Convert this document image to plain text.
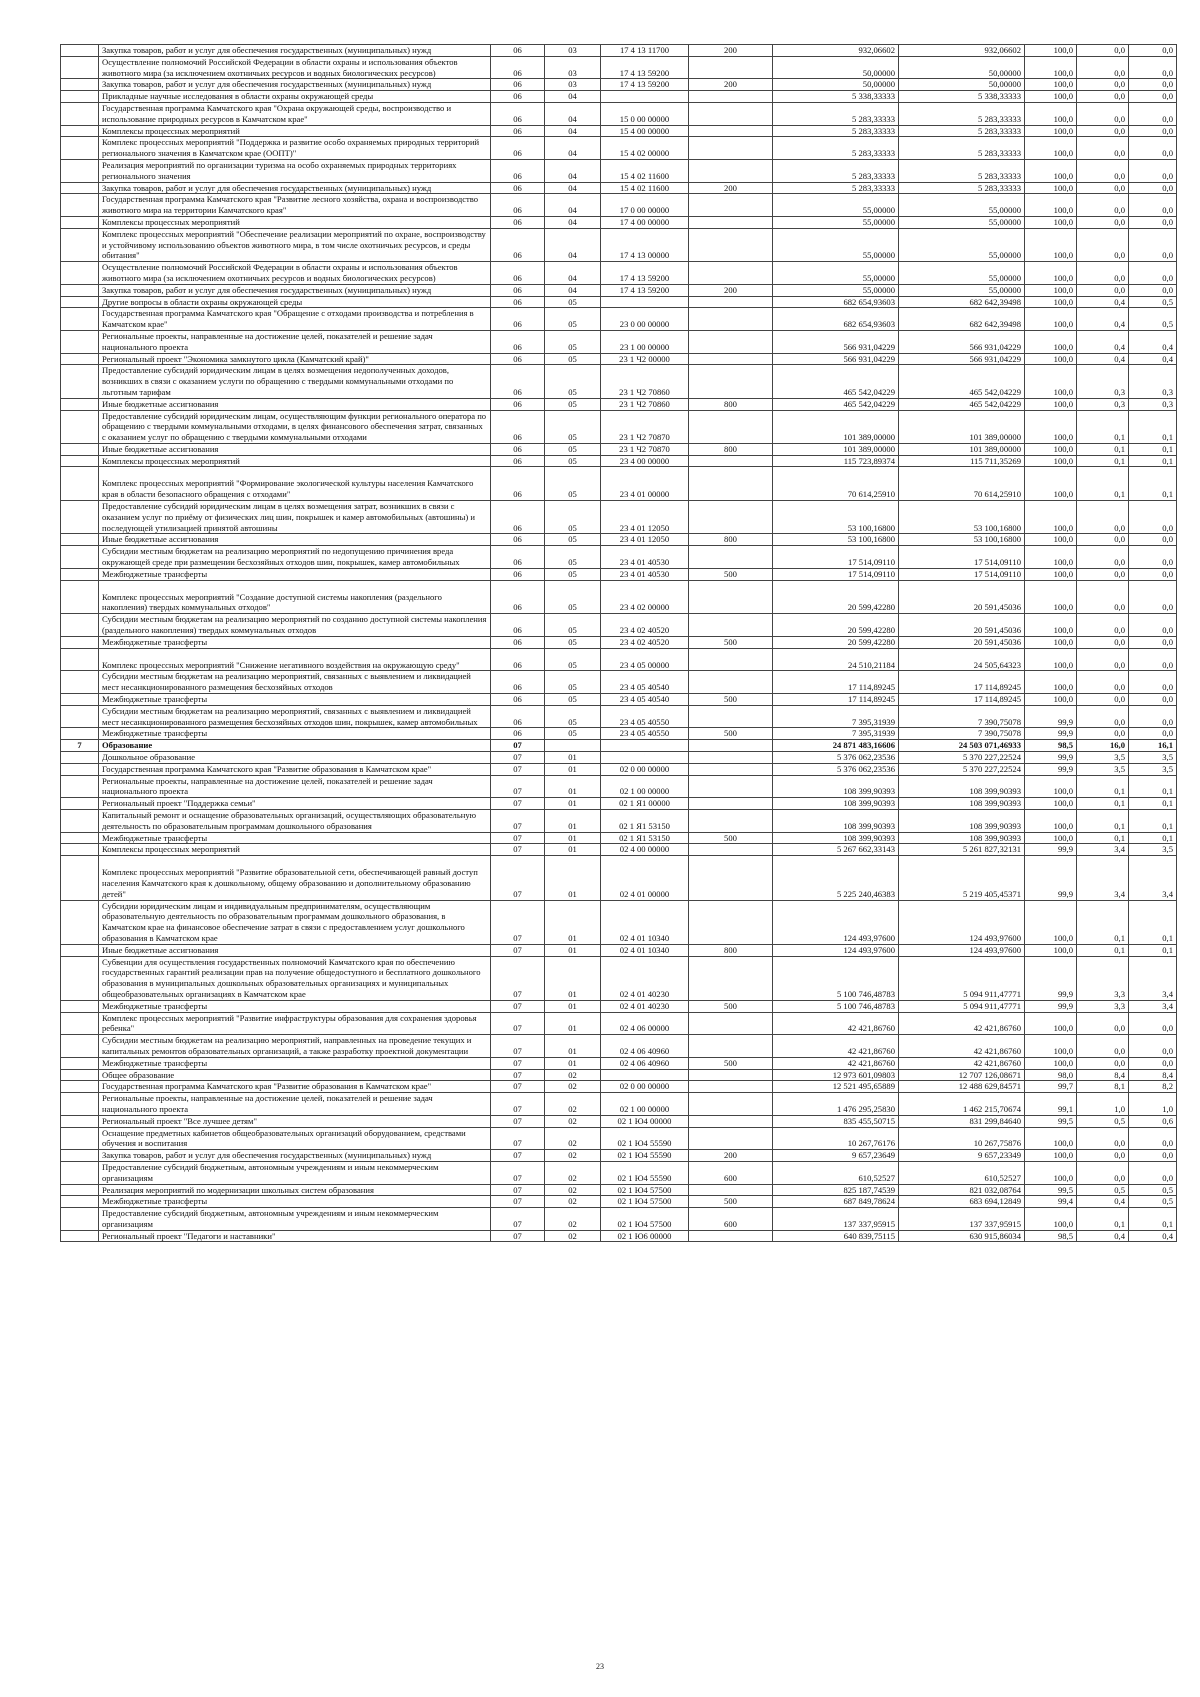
	Закупка товаров, работ и услуг для обеспечения государственных (муниципальных) нужд	06	03	17 4 13 11700	200	932,06602	932,06602	100,0	0,0	0,0
	Осуществление полномочий Российской Федерации в области охраны и использования объектов животного мира (за исключением охотничьих ресурсов и водных биологических ресурсов)	06	03	17 4 13 59200		50,00000	50,00000	100,0	0,0	0,0
	Закупка товаров, работ и услуг для обеспечения государственных (муниципальных) нужд	06	03	17 4 13 59200	200	50,00000	50,00000	100,0	0,0	0,0
	Прикладные научные исследования в области охраны окружающей среды	06	04			5 338,33333	5 338,33333	100,0	0,0	0,0
	Государственная программа Камчатского края "Охрана окружающей среды, воспроизводство и использование природных ресурсов в Камчатском крае"	06	04	15 0 00 00000		5 283,33333	5 283,33333	100,0	0,0	0,0
	Комплексы процессных мероприятий	06	04	15 4 00 00000		5 283,33333	5 283,33333	100,0	0,0	0,0
	Комплекс процессных мероприятий "Поддержка и развитие особо охраняемых природных территорий регионального значения в Камчатском крае (ООПТ)"	06	04	15 4 02 00000		5 283,33333	5 283,33333	100,0	0,0	0,0
	Реализация мероприятий по организации туризма на особо охраняемых природных территориях регионального значения	06	04	15 4 02 11600		5 283,33333	5 283,33333	100,0	0,0	0,0
	Закупка товаров, работ и услуг для обеспечения государственных (муниципальных) нужд	06	04	15 4 02 11600	200	5 283,33333	5 283,33333	100,0	0,0	0,0
	Государственная программа Камчатского края "Развитие лесного хозяйства, охрана и воспроизводство животного мира на территории Камчатского края"	06	04	17 0 00 00000		55,00000	55,00000	100,0	0,0	0,0
	Комплексы процессных мероприятий	06	04	17 4 00 00000		55,00000	55,00000	100,0	0,0	0,0
	Комплекс процессных мероприятий "Обеспечение реализации мероприятий по охране, воспроизводству и устойчивому использованию объектов животного мира, в том числе охотничьих ресурсов, и среды обитания"	06	04	17 4 13 00000		55,00000	55,00000	100,0	0,0	0,0
	Осуществление полномочий Российской Федерации в области охраны и использования объектов животного мира (за исключением охотничьих ресурсов и водных биологических ресурсов)	06	04	17 4 13 59200		55,00000	55,00000	100,0	0,0	0,0
	Закупка товаров, работ и услуг для обеспечения государственных (муниципальных) нужд	06	04	17 4 13 59200	200	55,00000	55,00000	100,0	0,0	0,0
	Другие вопросы в области охраны окружающей среды	06	05			682 654,93603	682 642,39498	100,0	0,4	0,5
	Государственная программа Камчатского края "Обращение с отходами производства и потребления в Камчатском крае"	06	05	23 0 00 00000		682 654,93603	682 642,39498	100,0	0,4	0,5
	Региональные проекты, направленные на достижение целей, показателей и решение задач национального проекта	06	05	23 1 00 00000		566 931,04229	566 931,04229	100,0	0,4	0,4
	Региональный проект "Экономика замкнутого цикла (Камчатский край)"	06	05	23 1 Ч2 00000		566 931,04229	566 931,04229	100,0	0,4	0,4
	Предоставление субсидий юридическим лицам в целях возмещения недополученных доходов, возникших в связи с оказанием услуги по обращению с твердыми коммунальными отходами по льготным тарифам	06	05	23 1 Ч2 70860		465 542,04229	465 542,04229	100,0	0,3	0,3
	Иные бюджетные ассигнования	06	05	23 1 Ч2 70860	800	465 542,04229	465 542,04229	100,0	0,3	0,3
	Предоставление субсидий юридическим лицам, осуществляющим функции регионального оператора по обращению с твердыми коммунальными отходами, в целях финансового обеспечения затрат, связанных с оказанием услуг по обращению с твердыми коммунальными отходами	06	05	23 1 Ч2 70870		101 389,00000	101 389,00000	100,0	0,1	0,1
	Иные бюджетные ассигнования	06	05	23 1 Ч2 70870	800	101 389,00000	101 389,00000	100,0	0,1	0,1
	Комплексы процессных мероприятий	06	05	23 4 00 00000		115 723,89374	115 711,35269	100,0	0,1	0,1
	Комплекс процессных мероприятий "Формирование экологической культуры населения Камчатского края в области безопасного обращения с отходами"	06	05	23 4 01 00000		70 614,25910	70 614,25910	100,0	0,1	0,1
	Предоставление субсидий юридическим лицам в целях возмещения затрат, возникших в связи с оказанием услуг по приёму от физических лиц шин, покрышек и камер автомобильных (автошины) и последующей утилизацией принятой автошины	06	05	23 4 01 12050		53 100,16800	53 100,16800	100,0	0,0	0,0
	Иные бюджетные ассигнования	06	05	23 4 01 12050	800	53 100,16800	53 100,16800	100,0	0,0	0,0
	Субсидии местным бюджетам на реализацию мероприятий по недопущению причинения вреда окружающей среде при размещении бесхозяйных отходов шин, покрышек, камер автомобильных	06	05	23 4 01 40530		17 514,09110	17 514,09110	100,0	0,0	0,0
	Межбюджетные трансферты	06	05	23 4 01 40530	500	17 514,09110	17 514,09110	100,0	0,0	0,0
	Комплекс процессных мероприятий "Создание доступной системы накопления (раздельного накопления) твердых коммунальных отходов"	06	05	23 4 02 00000		20 599,42280	20 591,45036	100,0	0,0	0,0
	Субсидии местным бюджетам на реализацию мероприятий по созданию доступной системы накопления (раздельного накопления) твердых коммунальных отходов	06	05	23 4 02 40520		20 599,42280	20 591,45036	100,0	0,0	0,0
	Межбюджетные трансферты	06	05	23 4 02 40520	500	20 599,42280	20 591,45036	100,0	0,0	0,0
	Комплекс процессных мероприятий "Снижение негативного воздействия на окружающую среду"	06	05	23 4 05 00000		24 510,21184	24 505,64323	100,0	0,0	0,0
	Субсидии местным бюджетам на реализацию мероприятий, связанных с выявлением и ликвидацией мест несанкционированного размещения бесхозяйных отходов	06	05	23 4 05 40540		17 114,89245	17 114,89245	100,0	0,0	0,0
	Межбюджетные трансферты	06	05	23 4 05 40540	500	17 114,89245	17 114,89245	100,0	0,0	0,0
	Субсидии местным бюджетам на реализацию мероприятий, связанных с выявлением и ликвидацией мест несанкционированного размещения бесхозяйных отходов шин, покрышек, камер автомобильных	06	05	23 4 05 40550		7 395,31939	7 390,75078	99,9	0,0	0,0
	Межбюджетные трансферты	06	05	23 4 05 40550	500	7 395,31939	7 390,75078	99,9	0,0	0,0
7	Образование	07				24 871 483,16606	24 503 071,46933	98,5	16,0	16,1
	Дошкольное образование	07	01			5 376 062,23536	5 370 227,22524	99,9	3,5	3,5
	Государственная программа Камчатского края "Развитие образования в Камчатском крае"	07	01	02 0 00 00000		5 376 062,23536	5 370 227,22524	99,9	3,5	3,5
	Региональные проекты, направленные на достижение целей, показателей и решение задач национального проекта	07	01	02 1 00 00000		108 399,90393	108 399,90393	100,0	0,1	0,1
	Региональный проект "Поддержка семьи"	07	01	02 1 Я1 00000		108 399,90393	108 399,90393	100,0	0,1	0,1
	Капитальный ремонт и оснащение образовательных организаций, осуществляющих образовательную деятельность по образовательным программам дошкольного образования	07	01	02 1 Я1 53150		108 399,90393	108 399,90393	100,0	0,1	0,1
	Межбюджетные трансферты	07	01	02 1 Я1 53150	500	108 399,90393	108 399,90393	100,0	0,1	0,1
	Комплексы процессных мероприятий	07	01	02 4 00 00000		5 267 662,33143	5 261 827,32131	99,9	3,4	3,5
	Комплекс процессных мероприятий "Развитие образовательной сети, обеспечивающей равный доступ населения Камчатского края к дошкольному, общему образованию и дополнительному образованию детей"	07	01	02 4 01 00000		5 225 240,46383	5 219 405,45371	99,9	3,4	3,4
	Субсидии юридическим лицам и индивидуальным предпринимателям, осуществляющим образовательную деятельность по образовательным программам дошкольного образования, в Камчатском крае на финансовое обеспечение затрат в связи с предоставлением услуг дошкольного образования в Камчатском крае	07	01	02 4 01 10340		124 493,97600	124 493,97600	100,0	0,1	0,1
	Иные бюджетные ассигнования	07	01	02 4 01 10340	800	124 493,97600	124 493,97600	100,0	0,1	0,1
	Субвенции для осуществления государственных полномочий Камчатского края по обеспечению государственных гарантий реализации прав на получение общедоступного и бесплатного дошкольного образования в муниципальных дошкольных образовательных организациях и муниципальных общеобразовательных организациях в Камчатском крае	07	01	02 4 01 40230		5 100 746,48783	5 094 911,47771	99,9	3,3	3,4
	Межбюджетные трансферты	07	01	02 4 01 40230	500	5 100 746,48783	5 094 911,47771	99,9	3,3	3,4
	Комплекс процессных мероприятий "Развитие инфраструктуры образования для сохранения здоровья ребенка"	07	01	02 4 06 00000		42 421,86760	42 421,86760	100,0	0,0	0,0
	Субсидии местным бюджетам на реализацию мероприятий, направленных на проведение текущих и капитальных ремонтов образовательных организаций, а также разработку проектной документации	07	01	02 4 06 40960		42 421,86760	42 421,86760	100,0	0,0	0,0
	Межбюджетные трансферты	07	01	02 4 06 40960	500	42 421,86760	42 421,86760	100,0	0,0	0,0
	Общее образование	07	02			12 973 601,09803	12 707 126,08671	98,0	8,4	8,4
	Государственная программа Камчатского края "Развитие образования в Камчатском крае"	07	02	02 0 00 00000		12 521 495,65889	12 488 629,84571	99,7	8,1	8,2
	Региональные проекты, направленные на достижение целей, показателей и решение задач национального проекта	07	02	02 1 00 00000		1 476 295,25830	1 462 215,70674	99,1	1,0	1,0
	Региональный проект "Все лучшее детям"	07	02	02 1 Ю4 00000		835 455,50715	831 299,84640	99,5	0,5	0,6
	Оснащение предметных кабинетов общеобразовательных организаций оборудованием, средствами обучения и воспитания	07	02	02 1 Ю4 55590		10 267,76176	10 267,75876	100,0	0,0	0,0
	Закупка товаров, работ и услуг для обеспечения государственных (муниципальных) нужд	07	02	02 1 Ю4 55590	200	9 657,23649	9 657,23349	100,0	0,0	0,0
	Предоставление субсидий бюджетным, автономным учреждениям и иным некоммерческим организациям	07	02	02 1 Ю4 55590	600	610,52527	610,52527	100,0	0,0	0,0
	Реализация мероприятий по модернизации школьных систем образования	07	02	02 1 Ю4 57500		825 187,74539	821 032,08764	99,5	0,5	0,5
	Межбюджетные трансферты	07	02	02 1 Ю4 57500	500	687 849,78624	683 694,12849	99,4	0,4	0,5
	Предоставление субсидий бюджетным, автономным учреждениям и иным некоммерческим организациям	07	02	02 1 Ю4 57500	600	137 337,95915	137 337,95915	100,0	0,1	0,1
	Региональный проект "Педагоги и наставники"	07	02	02 1 Ю6 00000		640 839,75115	630 915,86034	98,5	0,4	0,4
23
